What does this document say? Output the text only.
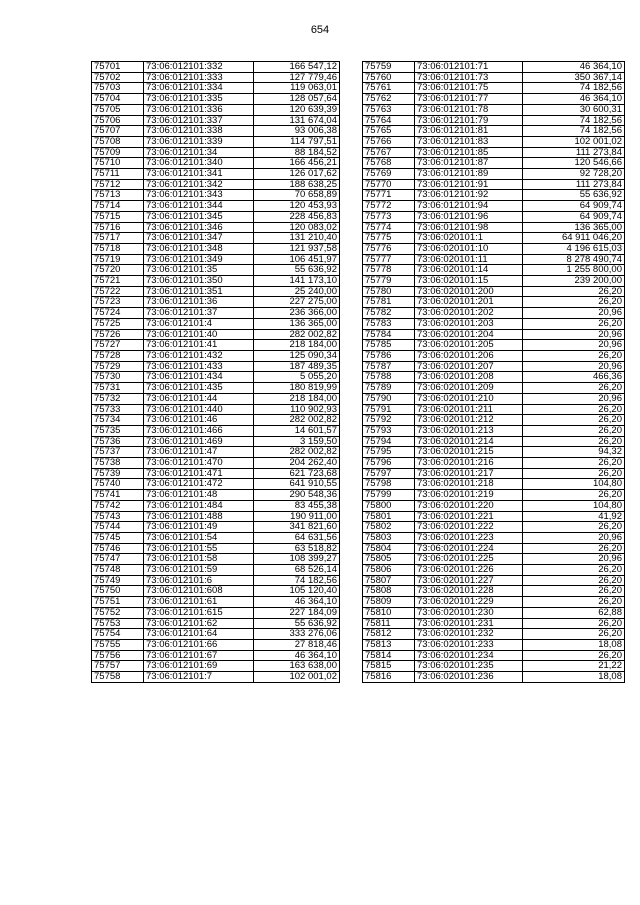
654
75701	73:06:012101:332	166 547,12
75702	73:06:012101:333	127 779,46
75703	73:06:012101:334	119 063,01
75704	73:06:012101:335	128 057,64
75705	73:06:012101:336	120 639,39
75706	73:06:012101:337	131 674,04
75707	73:06:012101:338	93 006,38
75708	73:06:012101:339	114 797,51
75709	73:06:012101:34	88 184,52
75710	73:06:012101:340	166 456,21
75711	73:06:012101:341	126 017,62
75712	73:06:012101:342	188 638,25
75713	73:06:012101:343	70 658,89
75714	73:06:012101:344	120 453,93
75715	73:06:012101:345	228 456,83
75716	73:06:012101:346	120 083,02
75717	73:06:012101:347	131 210,40
75718	73:06:012101:348	121 937,58
75719	73:06:012101:349	106 451,97
75720	73:06:012101:35	55 636,92
75721	73:06:012101:350	141 173,10
75722	73:06:012101:351	25 240,00
75723	73:06:012101:36	227 275,00
75724	73:06:012101:37	236 366,00
75725	73:06:012101:4	136 365,00
75726	73:06:012101:40	282 002,82
75727	73:06:012101:41	218 184,00
75728	73:06:012101:432	125 090,34
75729	73:06:012101:433	187 489,35
75730	73:06:012101:434	5 055,20
75731	73:06:012101:435	180 819,99
75732	73:06:012101:44	218 184,00
75733	73:06:012101:440	110 902,93
75734	73:06:012101:46	282 002,82
75735	73:06:012101:466	14 601,57
75736	73:06:012101:469	3 159,50
75737	73:06:012101:47	282 002,82
75738	73:06:012101:470	204 262,40
75739	73:06:012101:471	621 723,68
75740	73:06:012101:472	641 910,55
75741	73:06:012101:48	290 548,36
75742	73:06:012101:484	83 455,38
75743	73:06:012101:488	190 911,00
75744	73:06:012101:49	341 821,60
75745	73:06:012101:54	64 631,56
75746	73:06:012101:55	63 518,82
75747	73:06:012101:58	108 399,27
75748	73:06:012101:59	68 526,14
75749	73:06:012101:6	74 182,56
75750	73:06:012101:608	105 120,40
75751	73:06:012101:61	46 364,10
75752	73:06:012101:615	227 184,09
75753	73:06:012101:62	55 636,92
75754	73:06:012101:64	333 276,06
75755	73:06:012101:66	27 818,46
75756	73:06:012101:67	46 364,10
75757	73:06:012101:69	163 638,00
75758	73:06:012101:7	102 001,02
75759	73:06:012101:71	46 364,10
75760	73:06:012101:73	350 367,14
75761	73:06:012101:75	74 182,56
75762	73:06:012101:77	46 364,10
75763	73:06:012101:78	30 600,31
75764	73:06:012101:79	74 182,56
75765	73:06:012101:81	74 182,56
75766	73:06:012101:83	102 001,02
75767	73:06:012101:85	111 273,84
75768	73:06:012101:87	120 546,66
75769	73:06:012101:89	92 728,20
75770	73:06:012101:91	111 273,84
75771	73:06:012101:92	55 636,92
75772	73:06:012101:94	64 909,74
75773	73:06:012101:96	64 909,74
75774	73:06:012101:98	136 365,00
75775	73:06:020101:1	64 911 046,20
75776	73:06:020101:10	4 196 615,03
75777	73:06:020101:11	8 278 490,74
75778	73:06:020101:14	1 255 800,00
75779	73:06:020101:15	239 200,00
75780	73:06:020101:200	26,20
75781	73:06:020101:201	26,20
75782	73:06:020101:202	20,96
75783	73:06:020101:203	26,20
75784	73:06:020101:204	20,96
75785	73:06:020101:205	20,96
75786	73:06:020101:206	26,20
75787	73:06:020101:207	20,96
75788	73:06:020101:208	466,36
75789	73:06:020101:209	26,20
75790	73:06:020101:210	20,96
75791	73:06:020101:211	26,20
75792	73:06:020101:212	26,20
75793	73:06:020101:213	26,20
75794	73:06:020101:214	26,20
75795	73:06:020101:215	94,32
75796	73:06:020101:216	26,20
75797	73:06:020101:217	26,20
75798	73:06:020101:218	104,80
75799	73:06:020101:219	26,20
75800	73:06:020101:220	104,80
75801	73:06:020101:221	41,92
75802	73:06:020101:222	26,20
75803	73:06:020101:223	20,96
75804	73:06:020101:224	26,20
75805	73:06:020101:225	20,96
75806	73:06:020101:226	26,20
75807	73:06:020101:227	26,20
75808	73:06:020101:228	26,20
75809	73:06:020101:229	26,20
75810	73:06:020101:230	62,88
75811	73:06:020101:231	26,20
75812	73:06:020101:232	26,20
75813	73:06:020101:233	18,08
75814	73:06:020101:234	26,20
75815	73:06:020101:235	21,22
75816	73:06:020101:236	18,08
